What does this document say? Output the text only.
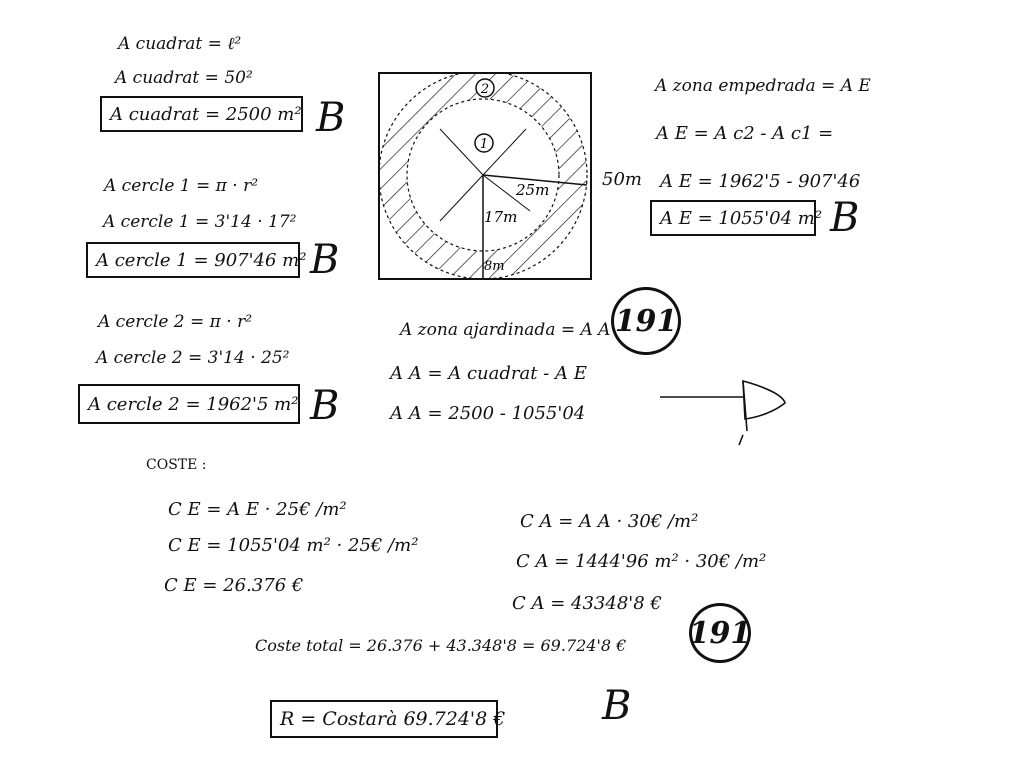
A cuadrat = ℓ²
A cuadrat = 50²
A cuadrat = 2500 m² B
A cercle 1 = π · r²
A cercle 1 = 3'14 · 17²
A cercle 1 = 907'46 m² B
A cercle 2 = π · r²
A cercle 2 = 3'14 · 25²
A cercle 2 = 1962'5 m² B
2
1
25m
17m
8m
50m
A zona empedrada = A E
A E = A c2 - A c1 =
A E = 1962'5 - 907'46
A E = 1055'04 m² B
A zona ajardinada = A A
A A = A cuadrat - A E
A A = 2500 - 1055'04
191
COSTE :
C E = A E · 25€ /m²
C E = 1055'04 m² · 25€ /m²
C E = 26.376 €
C A = A A · 30€ /m²
C A = 1444'96 m² · 30€ /m²
C A = 43348'8 €
191
Coste total = 26.376 + 43.348'8 = 69.724'8 €
R = Costarà 69.724'8 € B
